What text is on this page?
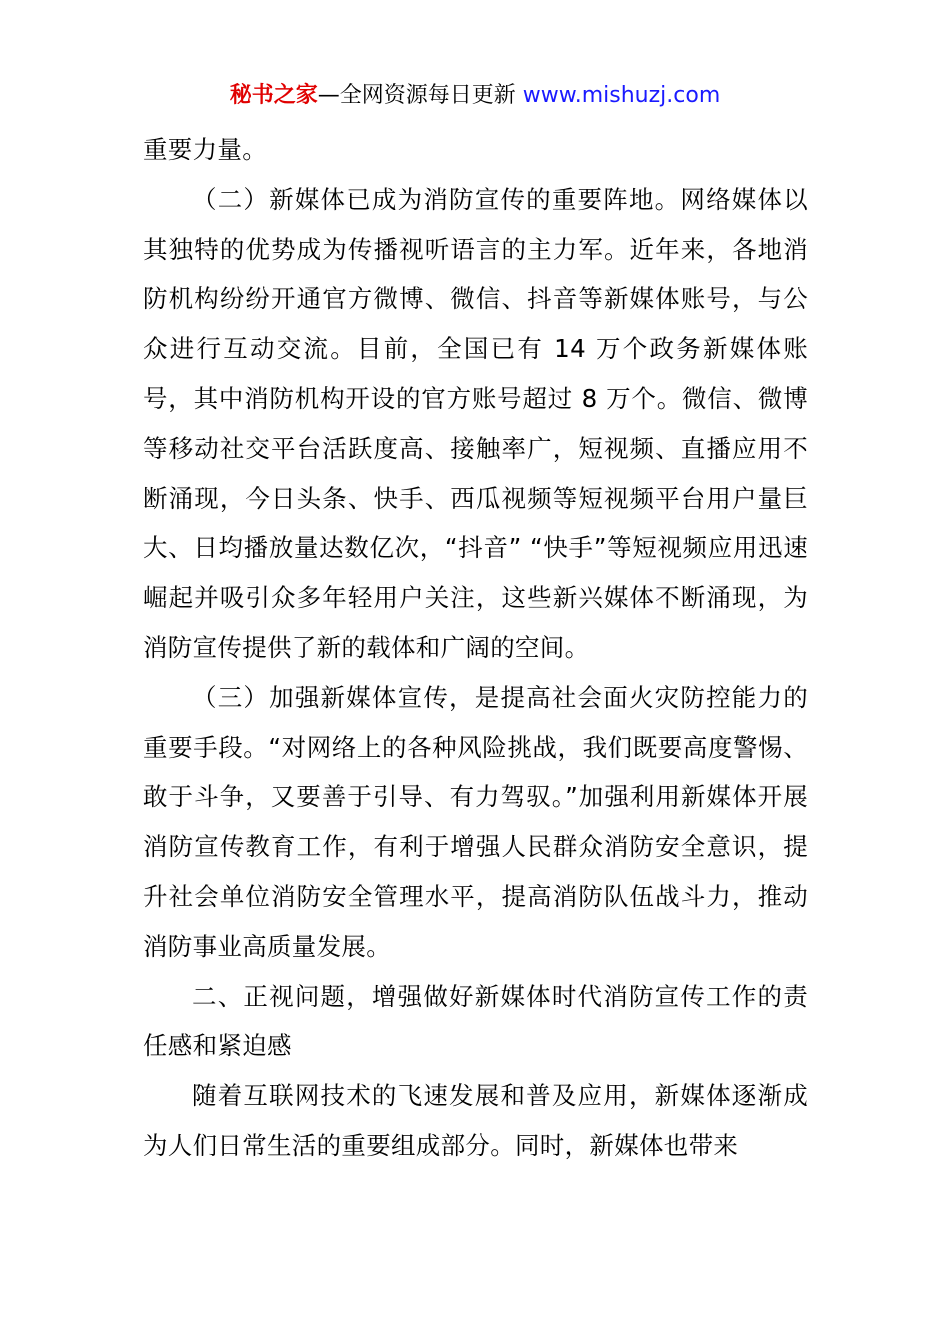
秘书之家—全网资源每日更新 www.mishuzj.com

重要力量。

（二）新媒体已成为消防宣传的重要阵地。网络媒体以其独特的优势成为传播视听语言的主力军。近年来，各地消防机构纷纷开通官方微博、微信、抖音等新媒体账号，与公众进行互动交流。目前，全国已有 14 万个政务新媒体账号，其中消防机构开设的官方账号超过 8 万个。微信、微博等移动社交平台活跃度高、接触率广，短视频、直播应用不断涌现，今日头条、快手、西瓜视频等短视频平台用户量巨大、日均播放量达数亿次，“抖音” “快手”等短视频应用迅速崛起并吸引众多年轻用户关注，这些新兴媒体不断涌现，为消防宣传提供了新的载体和广阔的空间。

（三）加强新媒体宣传，是提高社会面火灾防控能力的重要手段。“对网络上的各种风险挑战，我们既要高度警惕、敢于斗争，又要善于引导、有力驾驭。”加强利用新媒体开展消防宣传教育工作，有利于增强人民群众消防安全意识，提升社会单位消防安全管理水平，提高消防队伍战斗力，推动消防事业高质量发展。

二、正视问题，增强做好新媒体时代消防宣传工作的责任感和紧迫感

随着互联网技术的飞速发展和普及应用，新媒体逐渐成为人们日常生活的重要组成部分。同时，新媒体也带来
